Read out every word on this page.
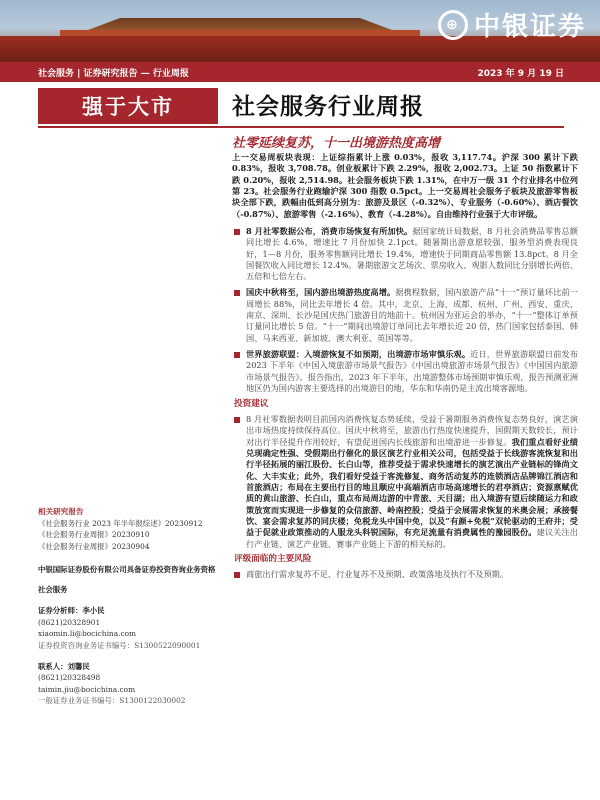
⊕ 中银证券
社会服务 | 证券研究报告 — 行业周报	2023 年 9 月 19 日
强于大市	社会服务行业周报
社零延续复苏，十一出境游热度高增

上一交易周板块表现：上证综指累计上涨 0.03%，报收 3,117.74。沪深 300 累计下跌 0.83%，报收 3,708.78。创业板累计下跌 2.29%，报收 2,002.73。上证 50 指数累计下跌 0.20%，报收 2,514.98。社会服务板块下跌 1.31%，在中万一级 31 个行业排名中位列第 23。社会服务行业跑输沪深 300 指数 0.5pct。上一交易周社会服务子板块及旅游零售板块全部下跌，跌幅由低到高分别为：旅游及景区（-0.32%）、专业服务（-0.60%）、酒店餐饮（-0.87%）、旅游零售（-2.16%）、教育（-4.28%）。自由维持行业强于大市评级。

8 月社零数据公布，消费市场恢复有所加快。据国家统计局数据，8 月社会消费品零售总额同比增长 4.6%，增速比 7 月份加快 2.1pct。随暑期出游意愿较强，服务型消费表现良好，1—8 月份，服务零售额同比增长 19.4%，增速快于同期商品零售额 13.8pct。8 月全国餐饮收入同比增长 12.4%。暑期旅游文艺场次、票房收入、观影人数同比分别增长两倍、五倍和七倍左右。
国庆中秋将至，国内游出境游热度高增。据携程数据，国内旅游产品“十一”预订量环比前一周增长 88%，同比去年增长 4 倍。其中，北京、上海、成都、杭州、广州、西安、重庆、南京、深圳、长沙是国庆热门旅游目的地前十。杭州因为亚运会的举办，“十一”整体订单预订量同比增长 5 倍。“十一”期间出境游订单同比去年增长近 20 倍，热门国家包括泰国、韩国、马来西亚、新加坡、澳大利亚、英国等等。
世界旅游联盟：入境游恢复不如预期，出境游市场审慎乐观。近日，世界旅游联盟日前发布 2023 下半年《中国入境旅游市场景气报告》《中国出境旅游市场景气报告》《中国国内旅游市场景气报告》。报告指出，2023 年下半年，出境游整体市场预期审慎乐观，报告预测亚洲地区仍为国内游客主要选择的出境游目的地，华东和华南仍是主流出境客源地。
投资建议
8 月社零数据表明目前国内消费恢复态势延续，受益于暑期服务消费恢复态势良好，演艺演出市场热度持续保持高位。国庆中秋将至，旅游出行热度快速提升，国假期天数较长，预计对出行半径提升作用较好，有望促进国内长线旅游和出境游进一步修复。我们重点看好业绩兑现确定性强、受假期出行催化的景区演艺行业相关公司，包括受益于长线游客流恢复和出行半径拓展的丽江股份、长白山等，推荐受益于需求快速增长的演艺演出产业链标的锋尚文化、大丰实业；此外，我们看好受益于客流修复、商务活动复苏的连锁酒店品牌锦江酒店和首旅酒店；布局在主要出行目的地且顺应中高端酒店市场高速增长的君亭酒店；资源禀赋优质的黄山旅游、长白山，重点布局周边游的中青旅、天目湖；出入境游有望后续随运力和政策放宽而实现进一步修复的众信旅游、岭南控股；受益于会展需求恢复的米奥会展；承接餐饮、宴会需求复苏的同庆楼；免税龙头中国中免，以及“有颜+免税”双轮驱动的王府井；受益于促就业政策推动的人服龙头科锐国际，有充足流量有消费属性的豫园股份。建议关注出行产业链、演艺产业链、赛事产业链上下游的相关标的。
评级面临的主要风险
商旅出行需求复苏不足、行业复苏不及预期、政策落地及执行不及预期。
相关研究报告
《社会服务行业 2023 年半年报综述》20230912
《社会服务行业周报》20230910
《社会服务行业周报》20230904
中银国际证券股份有限公司具备证券投资咨询业务资格
社会服务
证券分析师：李小民
(8621)20328901
xiaomin.li@bocichina.com
证券投资咨询业务证书编号：S1300522090001
联系人：刘馨民
(8621)20328498
taimin.jiu@bocichina.com
一般证券业务证书编号：S1300122030002
